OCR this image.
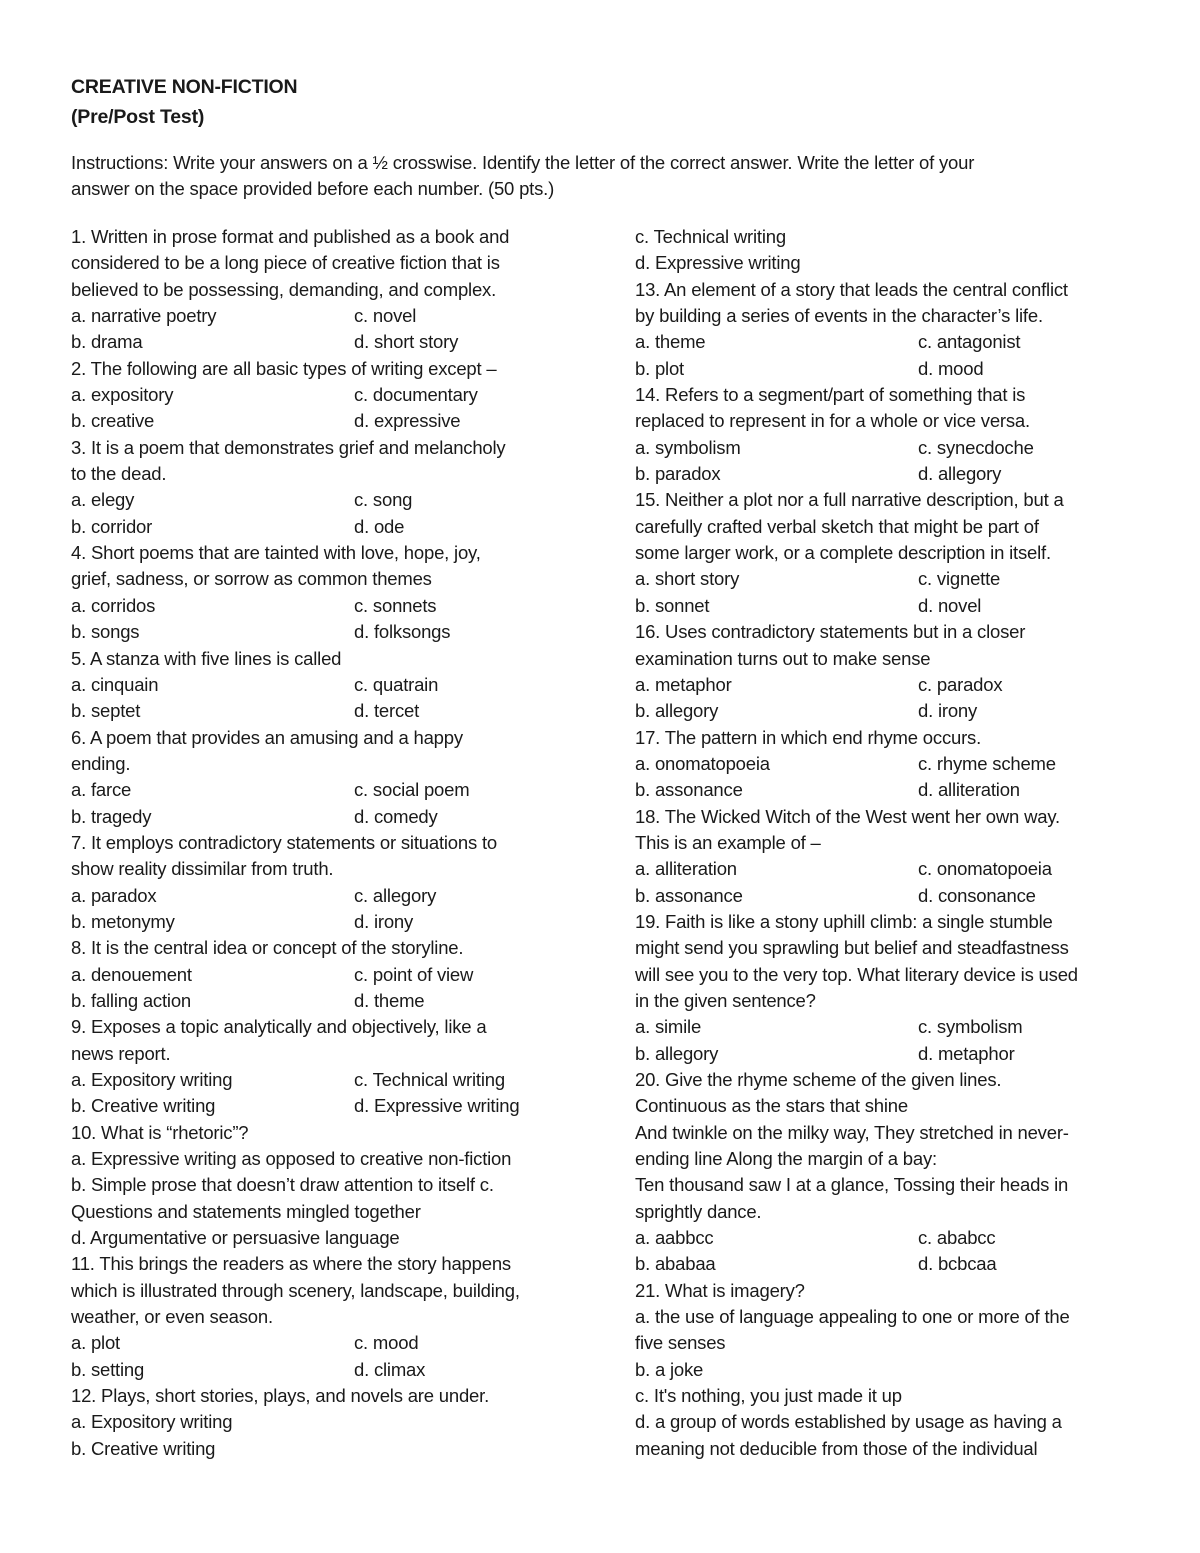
CREATIVE NON-FICTION
(Pre/Post Test)
Instructions: Write your answers on a ½ crosswise. Identify the letter of the correct answer. Write the letter of your
answer on the space provided before each number. (50 pts.)
1. Written in prose format and published as a book and
considered to be a long piece of creative fiction that is
believed to be possessing, demanding, and complex.
a. narrative poetry	c. novel
b. drama	d. short story
2. The following are all basic types of writing except –
a. expository	c. documentary
b. creative	d. expressive
3. It is a poem that demonstrates grief and melancholy
to the dead.
a. elegy	c. song
b. corridor	d. ode
4. Short poems that are tainted with love, hope, joy,
grief, sadness, or sorrow as common themes
a. corridos	c. sonnets
b. songs	d. folksongs
5. A stanza with five lines is called
a. cinquain	c. quatrain
b. septet	d. tercet
6. A poem that provides an amusing and a happy
ending.
a. farce	c. social poem
b. tragedy	d. comedy
7. It employs contradictory statements or situations to
show reality dissimilar from truth.
a. paradox	c. allegory
b. metonymy	d. irony
8. It is the central idea or concept of the storyline.
a. denouement	c. point of view
b. falling action	d. theme
9. Exposes a topic analytically and objectively, like a
news report.
a. Expository writing	c. Technical writing
b. Creative writing	d. Expressive writing
10. What is “rhetoric”?
a. Expressive writing as opposed to creative non-fiction
b. Simple prose that doesn’t draw attention to itself c.
Questions and statements mingled together
d. Argumentative or persuasive language
11. This brings the readers as where the story happens
which is illustrated through scenery, landscape, building,
weather, or even season.
a. plot	c. mood
b. setting	d. climax
12. Plays, short stories, plays, and novels are under.
a. Expository writing
b. Creative writing
c. Technical writing
d. Expressive writing
13. An element of a story that leads the central conflict
by building a series of events in the character’s life.
a. theme	c. antagonist
b. plot	d. mood
14. Refers to a segment/part of something that is
replaced to represent in for a whole or vice versa.
a. symbolism	c. synecdoche
b. paradox	d. allegory
15. Neither a plot nor a full narrative description, but a
carefully crafted verbal sketch that might be part of
some larger work, or a complete description in itself.
a. short story	c. vignette
b. sonnet	d. novel
16. Uses contradictory statements but in a closer
examination turns out to make sense
a. metaphor	c. paradox
b. allegory	d. irony
17. The pattern in which end rhyme occurs.
a. onomatopoeia	c. rhyme scheme
b. assonance	d. alliteration
18. The Wicked Witch of the West went her own way.
This is an example of –
a. alliteration	c. onomatopoeia
b. assonance	d. consonance
19. Faith is like a stony uphill climb: a single stumble
might send you sprawling but belief and steadfastness
will see you to the very top. What literary device is used
in the given sentence?
a. simile	c. symbolism
b. allegory	d. metaphor
20. Give the rhyme scheme of the given lines.
Continuous as the stars that shine
And twinkle on the milky way, They stretched in never-
ending line Along the margin of a bay:
Ten thousand saw I at a glance, Tossing their heads in
sprightly dance.
a. aabbcc	c. ababcc
b. ababaa	d. bcbcaa
21. What is imagery?
a. the use of language appealing to one or more of the
five senses
b. a joke
c. It's nothing, you just made it up
d. a group of words established by usage as having a
meaning not deducible from those of the individual
